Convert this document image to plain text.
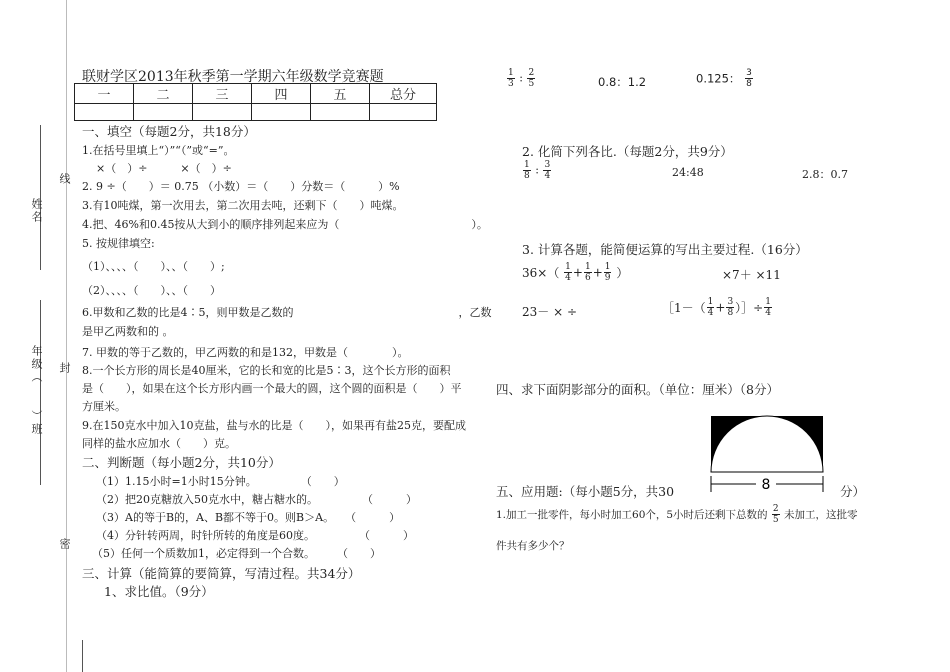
姓名
线
年级（　　）班 封
密
联财学区2013年秋季第一学期六年级数学竞赛题
一	二	三	四	五	总分

一、填空（每题2分，共18分）
1.在括号里填上“）”“（”或“=”。
×（　）÷　　　×（　）÷
2. 9 ÷（　　）＝ 0.75 （小数）＝（　　）分数＝（　　　）%
3.有10吨煤，第一次用去，第二次用去吨，还剩下（　　）吨煤。
4.把、46%和0.45按从大到小的顺序排列起来应为（　　　　　　　　　　　　）。
5. 按规律填空:
（1）、、、、（　　）、、（　　）;
（2）、、、、（　　）、、（　　）
6.甲数和乙数的比是4∶5，则甲数是乙数的　　　　　　　　　　　　　　　，乙数
是甲乙两数和的 。
7. 甲数的等于乙数的，甲乙两数的和是132，甲数是（　　　　）。
8.一个长方形的周长是40厘米，它的长和宽的比是5∶3，这个长方形的面积
是（　　），如果在这个长方形内画一个最大的圆，这个圆的面积是（　　）平
方厘米。
9.在150克水中加入10克盐，盐与水的比是（　　），如果再有盐25克，要配成
同样的盐水应加水（　　）克。
二、判断题（每小题2分，共10分）
（1）1.15小时=1小时15分钟。　　　　　（　　）
（2）把20克糖放入50克水中，糖占糖水的。　　　　　（　　　）
（3）A的等于B的，A、B都不等于0。则B＞A。　　（　　　）
（4）分针转两周，时针所转的角度是60度。　　　　　（　　　）
（5）任何一个质数加1，必定得到一个合数。　　　（　　）
三、计算（能简算的要简算，写清过程。共34分）
1、求比值。（9分）
$\frac{1}{3}$ : $\frac{2}{5}$	0.8：1.2	0.125： $\frac{3}{8}$
2. 化简下列各比.（每题2分，共9分）
$\frac{1}{8}$ : $\frac{3}{4}$	24:48	2.8：0.7
3. 计算各题，能简便运算的写出主要过程.（16分）
$36\times( \frac{1}{4} + \frac{1}{6} + \frac{1}{9}$ ）	×7＋ ×11
23－ × ÷	［1－（ $\frac{1}{4} + \frac{3}{8}$ ）］÷ $\frac{1}{4}$
四、求下面阴影部分的面积。（单位：厘米）（8分）
8
五、应用题:（每小题5分，共30	分）
1.加工一批零件，每小时加工60个，5小时后还剩下总数的 $\frac{2}{5}$ 未加工，这批零
件共有多少个？
